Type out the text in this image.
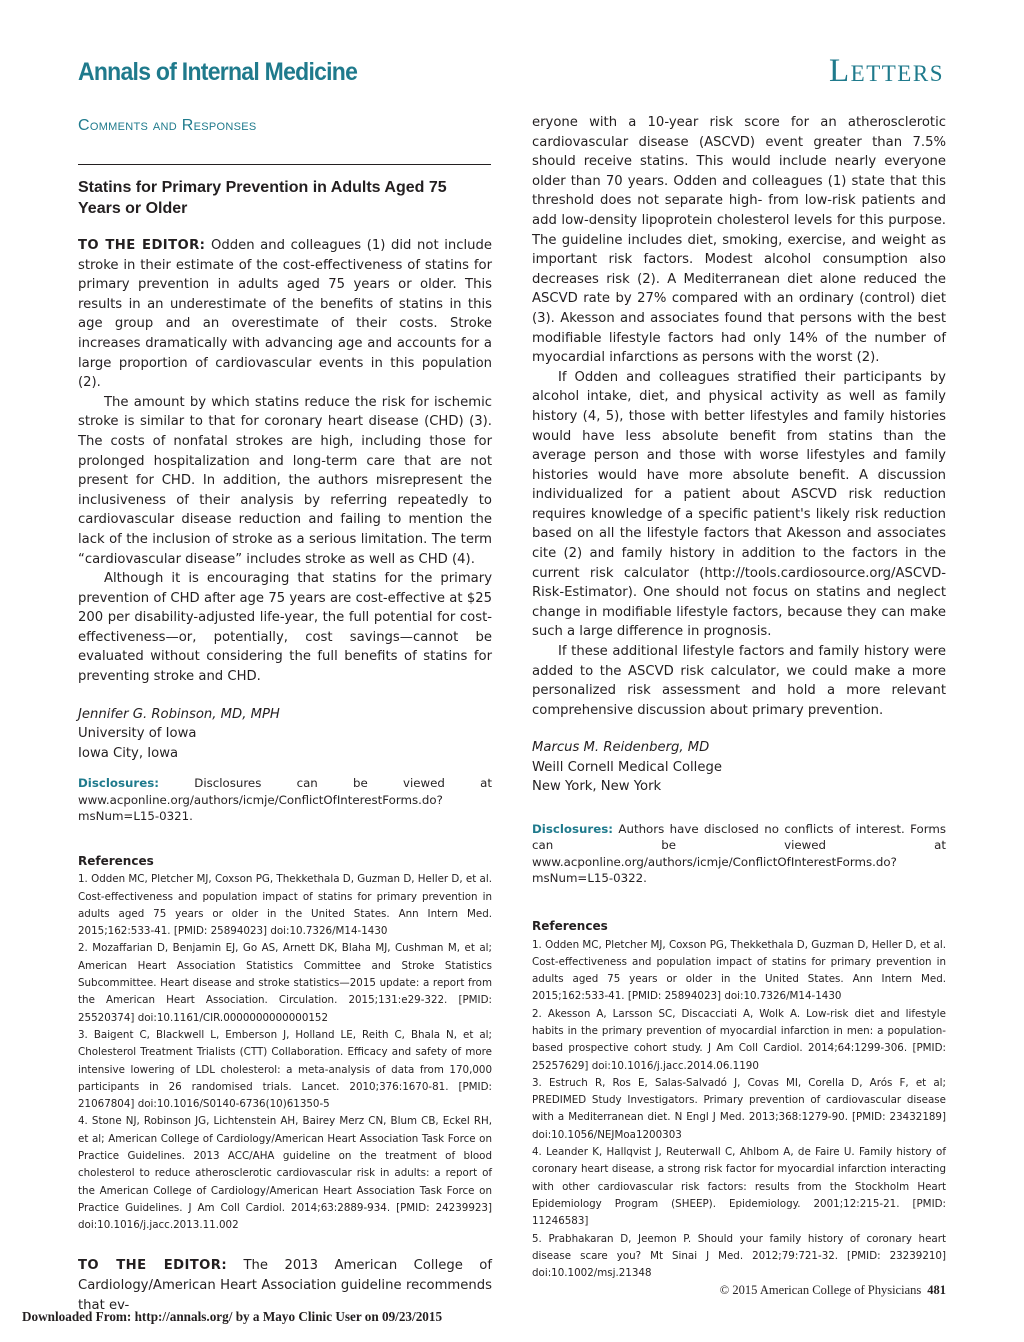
Annals of Internal Medicine	Letters
Comments and Responses
Statins for Primary Prevention in Adults Aged 75 Years or Older

TO THE EDITOR: Odden and colleagues (1) did not include stroke in their estimate of the cost-effectiveness of statins for primary prevention in adults aged 75 years or older. This results in an underestimate of the benefits of statins in this age group and an overestimate of their costs. Stroke increases dramatically with advancing age and accounts for a large proportion of cardiovascular events in this population (2).

The amount by which statins reduce the risk for ischemic stroke is similar to that for coronary heart disease (CHD) (3). The costs of nonfatal strokes are high, including those for prolonged hospitalization and long-term care that are not present for CHD. In addition, the authors misrepresent the inclusiveness of their analysis by referring repeatedly to cardiovascular disease reduction and failing to mention the lack of the inclusion of stroke as a serious limitation. The term “cardiovascular disease” includes stroke as well as CHD (4).

Although it is encouraging that statins for the primary prevention of CHD after age 75 years are cost-effective at $25 200 per disability-adjusted life-year, the full potential for cost-effectiveness—or, potentially, cost savings—cannot be evaluated without considering the full benefits of statins for preventing stroke and CHD.

Jennifer G. Robinson, MD, MPH
University of Iowa
Iowa City, Iowa

Disclosures:	Disclosures can be viewed at www.acponline.org/authors/icmje/ConflictOfInterestForms.do?msNum=L15-0321.

References

1. Odden MC, Pletcher MJ, Coxson PG, Thekkethala D, Guzman D, Heller D, et al. Cost-effectiveness and population impact of statins for primary prevention in adults aged 75 years or older in the United States. Ann Intern Med. 2015;162:533-41. [PMID: 25894023] doi:10.7326/M14-1430

2. Mozaffarian D, Benjamin EJ, Go AS, Arnett DK, Blaha MJ, Cushman M, et al; American Heart Association Statistics Committee and Stroke Statistics Subcommittee. Heart disease and stroke statistics—2015 update: a report from the American Heart Association. Circulation. 2015;131:e29-322. [PMID: 25520374] doi:10.1161/CIR.0000000000000152

3. Baigent C, Blackwell L, Emberson J, Holland LE, Reith C, Bhala N, et al; Cholesterol Treatment Trialists (CTT) Collaboration. Efficacy and safety of more intensive lowering of LDL cholesterol: a meta-analysis of data from 170,000 participants in 26 randomised trials. Lancet. 2010;376:1670-81. [PMID: 21067804] doi:10.1016/S0140-6736(10)61350-5

4. Stone NJ, Robinson JG, Lichtenstein AH, Bairey Merz CN, Blum CB, Eckel RH, et al; American College of Cardiology/American Heart Association Task Force on Practice Guidelines. 2013 ACC/AHA guideline on the treatment of blood cholesterol to reduce atherosclerotic cardiovascular risk in adults: a report of the American College of Cardiology/American Heart Association Task Force on Practice Guidelines. J Am Coll Cardiol. 2014;63:2889-934. [PMID: 24239923] doi:10.1016/j.jacc.2013.11.002

TO THE EDITOR: The 2013 American College of Cardiology/American Heart Association guideline recommends that ev-

eryone with a 10-year risk score for an atherosclerotic cardiovascular disease (ASCVD) event greater than 7.5% should receive statins. This would include nearly everyone older than 70 years. Odden and colleagues (1) state that this threshold does not separate high- from low-risk patients and add low-density lipoprotein cholesterol levels for this purpose. The guideline includes diet, smoking, exercise, and weight as important risk factors. Modest alcohol consumption also decreases risk (2). A Mediterranean diet alone reduced the ASCVD rate by 27% compared with an ordinary (control) diet (3). Akesson and associates found that persons with the best modifiable lifestyle factors had only 14% of the number of myocardial infarctions as persons with the worst (2).

If Odden and colleagues stratified their participants by alcohol intake, diet, and physical activity as well as family history (4, 5), those with better lifestyles and family histories would have less absolute benefit from statins than the average person and those with worse lifestyles and family histories would have more absolute benefit. A discussion individualized for a patient about ASCVD risk reduction requires knowledge of a specific patient's likely risk reduction based on all the lifestyle factors that Akesson and associates cite (2) and family history in addition to the factors in the current risk calculator (http://tools.cardiosource.org/ASCVD-Risk-Estimator). One should not focus on statins and neglect change in modifiable lifestyle factors, because they can make such a large difference in prognosis.

If these additional lifestyle factors and family history were added to the ASCVD risk calculator, we could make a more personalized risk assessment and hold a more relevant comprehensive discussion about primary prevention.

Marcus M. Reidenberg, MD
Weill Cornell Medical College
New York, New York

Disclosures: Authors have disclosed no conflicts of interest. Forms can be viewed at www.acponline.org/authors/icmje/ConflictOfInterestForms.do?msNum=L15-0322.

References

1. Odden MC, Pletcher MJ, Coxson PG, Thekkethala D, Guzman D, Heller D, et al. Cost-effectiveness and population impact of statins for primary prevention in adults aged 75 years or older in the United States. Ann Intern Med. 2015;162:533-41. [PMID: 25894023] doi:10.7326/M14-1430

2. Akesson A, Larsson SC, Discacciati A, Wolk A. Low-risk diet and lifestyle habits in the primary prevention of myocardial infarction in men: a population-based prospective cohort study. J Am Coll Cardiol. 2014;64:1299-306. [PMID: 25257629] doi:10.1016/j.jacc.2014.06.1190

3. Estruch R, Ros E, Salas-Salvadó J, Covas MI, Corella D, Arós F, et al; PREDIMED Study Investigators. Primary prevention of cardiovascular disease with a Mediterranean diet. N Engl J Med. 2013;368:1279-90. [PMID: 23432189] doi:10.1056/NEJMoa1200303

4. Leander K, Hallqvist J, Reuterwall C, Ahlbom A, de Faire U. Family history of coronary heart disease, a strong risk factor for myocardial infarction interacting with other cardiovascular risk factors: results from the Stockholm Heart Epidemiology Program (SHEEP). Epidemiology. 2001;12:215-21. [PMID: 11246583]

5. Prabhakaran D, Jeemon P. Should your family history of coronary heart disease scare you? Mt Sinai J Med. 2012;79:721-32. [PMID: 23239210] doi:10.1002/msj.21348

© 2015 American College of Physicians 481
Downloaded From: http://annals.org/ by a Mayo Clinic User on 09/23/2015
